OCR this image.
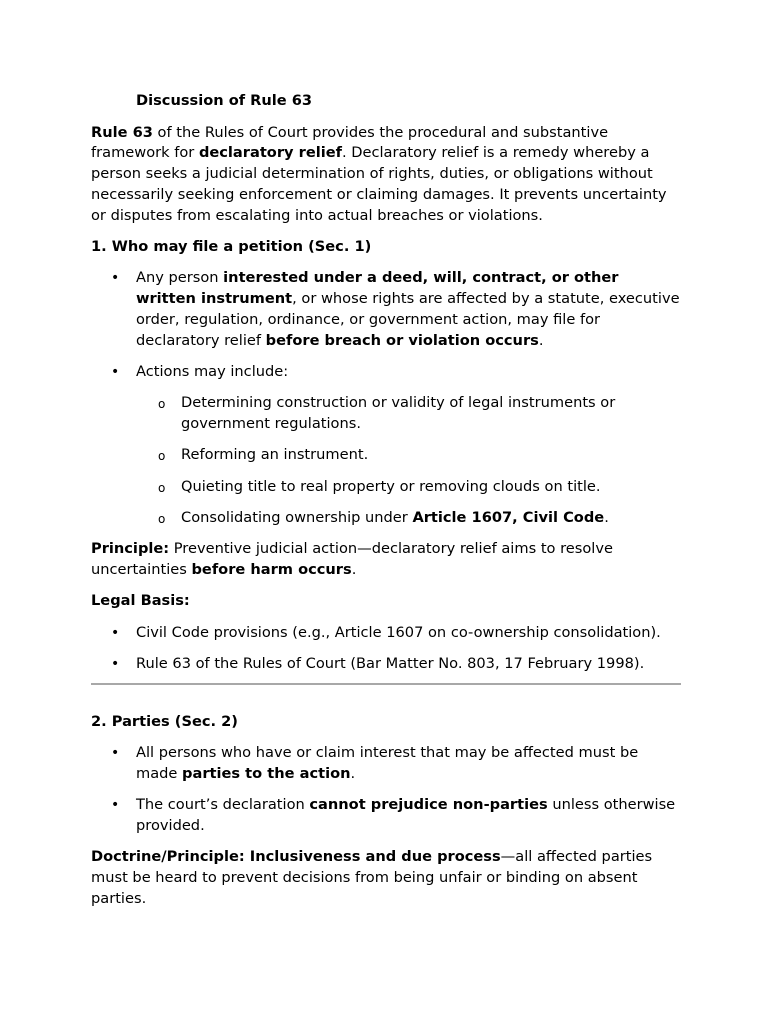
Discussion of Rule 63

Rule 63 of the Rules of Court provides the procedural and substantive framework for declaratory relief. Declaratory relief is a remedy whereby a person seeks a judicial determination of rights, duties, or obligations without necessarily seeking enforcement or claiming damages. It prevents uncertainty or disputes from escalating into actual breaches or violations.

1. Who may file a petition (Sec. 1)
• Any person interested under a deed, will, contract, or other written instrument, or whose rights are affected by a statute, executive order, regulation, ordinance, or government action, may file for declaratory relief before breach or violation occurs.
• Actions may include:
o Determining construction or validity of legal instruments or government regulations.
o Reforming an instrument.
o Quieting title to real property or removing clouds on title.
o Consolidating ownership under Article 1607, Civil Code.

Principle: Preventive judicial action—declaratory relief aims to resolve uncertainties before harm occurs.

Legal Basis:
• Civil Code provisions (e.g., Article 1607 on co-ownership consolidation).
• Rule 63 of the Rules of Court (Bar Matter No. 803, 17 February 1998).
2. Parties (Sec. 2)
• All persons who have or claim interest that may be affected must be made parties to the action.
• The court’s declaration cannot prejudice non-parties unless otherwise provided.

Doctrine/Principle: Inclusiveness and due process—all affected parties must be heard to prevent decisions from being unfair or binding on absent parties.
